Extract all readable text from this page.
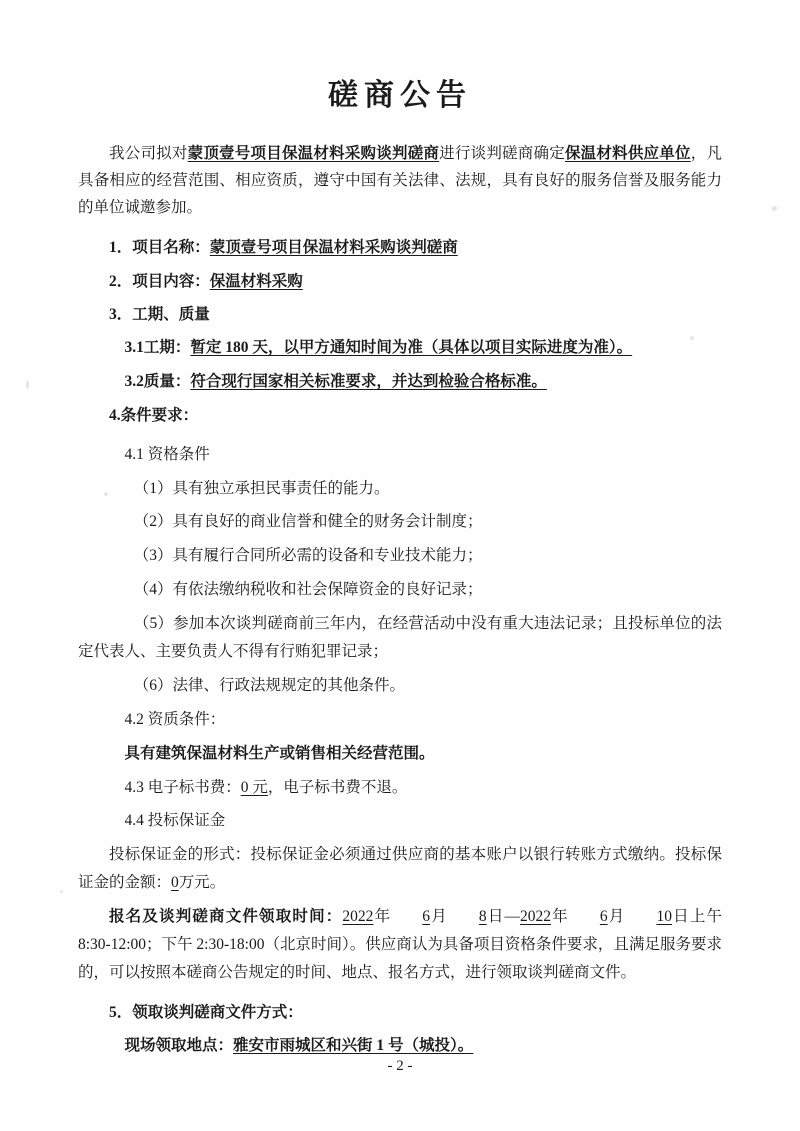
磋商公告

我公司拟对蒙顶壹号项目保温材料采购谈判磋商进行谈判磋商确定保温材料供应单位，凡具备相应的经营范围、相应资质，遵守中国有关法律、法规，具有良好的服务信誉及服务能力的单位诚邀参加。

1．项目名称：蒙顶壹号项目保温材料采购谈判磋商

2．项目内容：保温材料采购

3．工期、质量

3.1工期：暂定 180 天，以甲方通知时间为准（具体以项目实际进度为准）。

3.2质量：符合现行国家相关标准要求，并达到检验合格标准。

4.条件要求：

4.1 资格条件

（1）具有独立承担民事责任的能力。

（2）具有良好的商业信誉和健全的财务会计制度；

（3）具有履行合同所必需的设备和专业技术能力；

（4）有依法缴纳税收和社会保障资金的良好记录；

（5）参加本次谈判磋商前三年内，在经营活动中没有重大违法记录；且投标单位的法定代表人、主要负责人不得有行贿犯罪记录；

（6）法律、行政法规规定的其他条件。

4.2 资质条件：

具有建筑保温材料生产或销售相关经营范围。

4.3 电子标书费：0 元，电子标书费不退。

4.4 投标保证金

投标保证金的形式：投标保证金必须通过供应商的基本账户以银行转账方式缴纳。投标保证金的金额：0万元。

报名及谈判磋商文件领取时间：2022年 6月 8日—2022年 6月 10日上午 8:30-12:00；下午 2:30-18:00（北京时间）。供应商认为具备项目资格条件要求，且满足服务要求的，可以按照本磋商公告规定的时间、地点、报名方式，进行领取谈判磋商文件。

5．领取谈判磋商文件方式：

现场领取地点：雅安市雨城区和兴街 1 号（城投）。

- 2 -
